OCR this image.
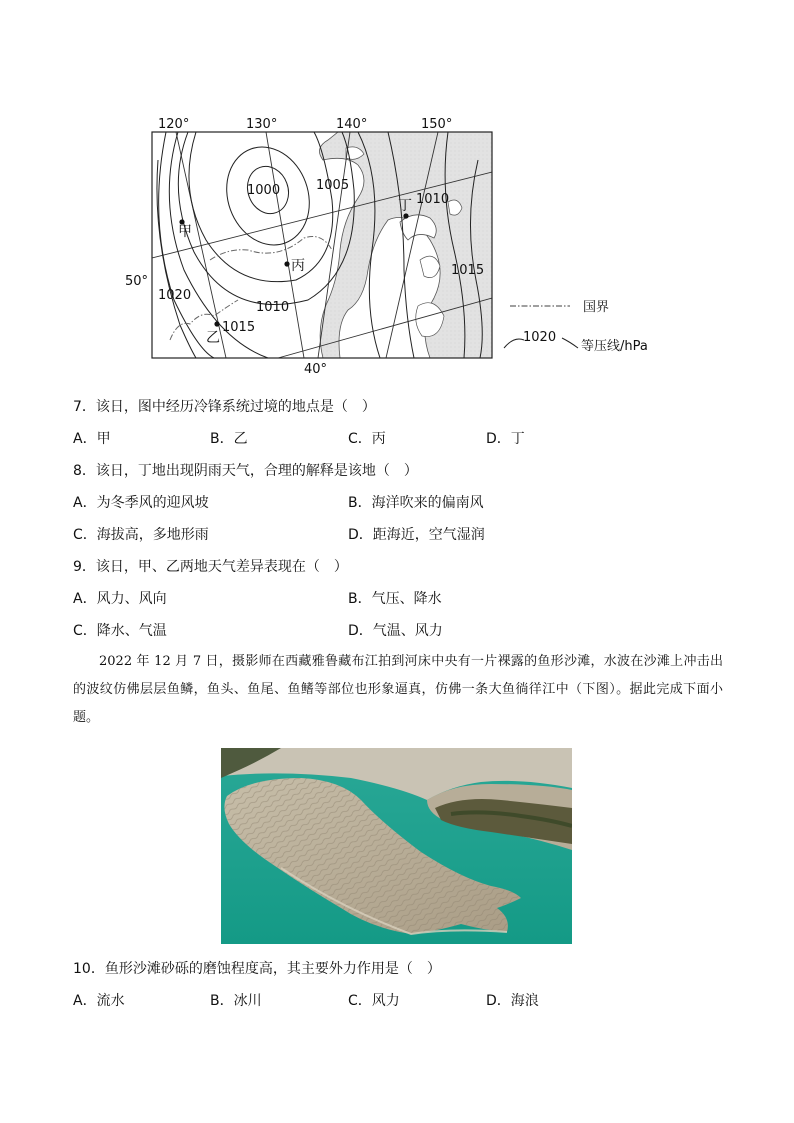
120°	130°	140°	150°
50°
40°
1000	1005
1010
1010
1015
1015
1020
甲
乙
丙
丁
国界
1020
等压线/hPa
7．该日，图中经历冷锋系统过境的地点是（　）
A．甲	B．乙	C．丙	D．丁
8．该日，丁地出现阴雨天气，合理的解释是该地（　）
A．为冬季风的迎风坡	B．海洋吹来的偏南风
C．海拔高，多地形雨	D．距海近，空气湿润
9．该日，甲、乙两地天气差异表现在（　）
A．风力、风向	B．气压、降水
C．降水、气温	D．气温、风力
2022 年 12 月 7 日，摄影师在西藏雅鲁藏布江拍到河床中央有一片裸露的鱼形沙滩，水波在沙滩上冲击出的波纹仿佛层层鱼鳞，鱼头、鱼尾、鱼鳍等部位也形象逼真，仿佛一条大鱼徜徉江中（下图）。据此完成下面小题。
10．鱼形沙滩砂砾的磨蚀程度高，其主要外力作用是（　）
A．流水	B．冰川	C．风力	D．海浪
